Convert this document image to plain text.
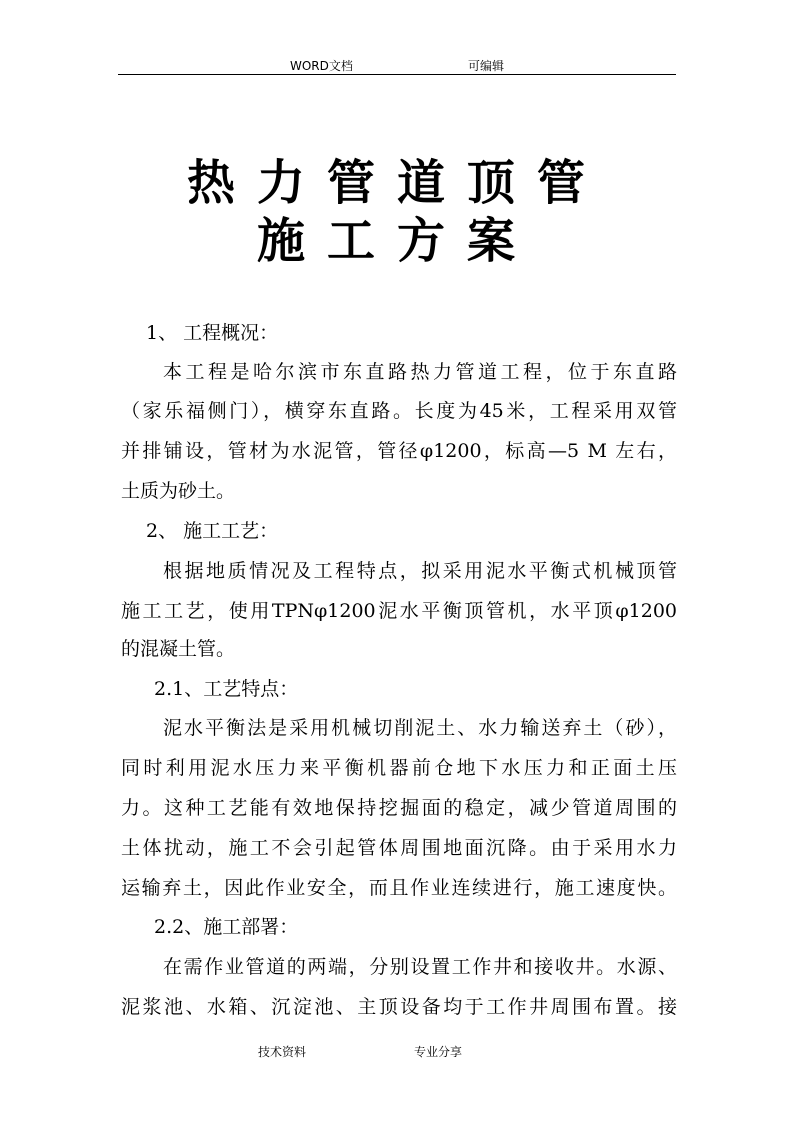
WORD文档	可编辑
热力管道顶管
施工方案
1、 工程概况：
本工程是哈尔滨市东直路热力管道工程，位于东直路
（家乐福侧门），横穿东直路。长度为45米，工程采用双管
并排铺设，管材为水泥管，管径φ1200，标高—5 M 左右，
土质为砂土。
2、 施工工艺：
根据地质情况及工程特点，拟采用泥水平衡式机械顶管
施工工艺，使用TPNφ1200泥水平衡顶管机，水平顶φ1200
的混凝土管。
2.1、工艺特点：
泥水平衡法是采用机械切削泥土、水力输送弃土（砂），
同时利用泥水压力来平衡机器前仓地下水压力和正面土压
力。这种工艺能有效地保持挖掘面的稳定，减少管道周围的
土体扰动，施工不会引起管体周围地面沉降。由于采用水力
运输弃土，因此作业安全，而且作业连续进行，施工速度快。
2.2、施工部署：
在需作业管道的两端，分别设置工作井和接收井。水源、
泥浆池、水箱、沉淀池、主顶设备均于工作井周围布置。接
技术资料	专业分享
